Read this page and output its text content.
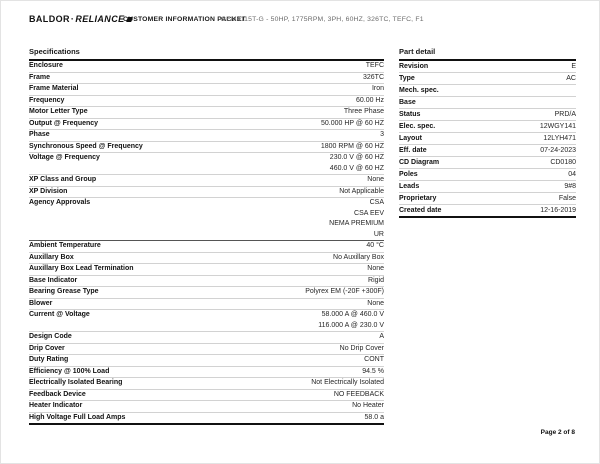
BALDOR·RELIANCE
CUSTOMER INFORMATION PACKET
CEM4115T-G - 50HP, 1775RPM, 3PH, 60HZ, 326TC, TEFC, F1
Specifications
Enclosure	TEFC
Frame	326TC
Frame Material	Iron
Frequency	60.00 Hz
Motor Letter Type	Three Phase
Output @ Frequency	50.000 HP @ 60 HZ
Phase	3
Synchronous Speed @ Frequency	1800 RPM @ 60 HZ
Voltage @ Frequency	230.0 V @ 60 HZ
460.0 V @ 60 HZ
XP Class and Group	None
XP Division	Not Applicable
Agency Approvals	CSA
CSA EEV
NEMA PREMIUM
UR
Ambient Temperature	40 °C
Auxillary Box	No Auxillary Box
Auxillary Box Lead Termination	None
Base Indicator	Rigid
Bearing Grease Type	Polyrex EM (-20F +300F)
Blower	None
Current @ Voltage	58.000 A @ 460.0 V
116.000 A @ 230.0 V
Design Code	A
Drip Cover	No Drip Cover
Duty Rating	CONT
Efficiency @ 100% Load	94.5 %
Electrically Isolated Bearing	Not Electrically Isolated
Feedback Device	NO FEEDBACK
Heater Indicator	No Heater
High Voltage Full Load Amps	58.0 a
Part detail
Revision	E
Type	AC
Mech. spec.
Base
Status	PRD/A
Elec. spec.	12WGY141
Layout	12LYH471
Eff. date	07-24-2023
CD Diagram	CD0180
Poles	04
Leads	9#8
Proprietary	False
Created date	12-16-2019
Page 2 of 8
